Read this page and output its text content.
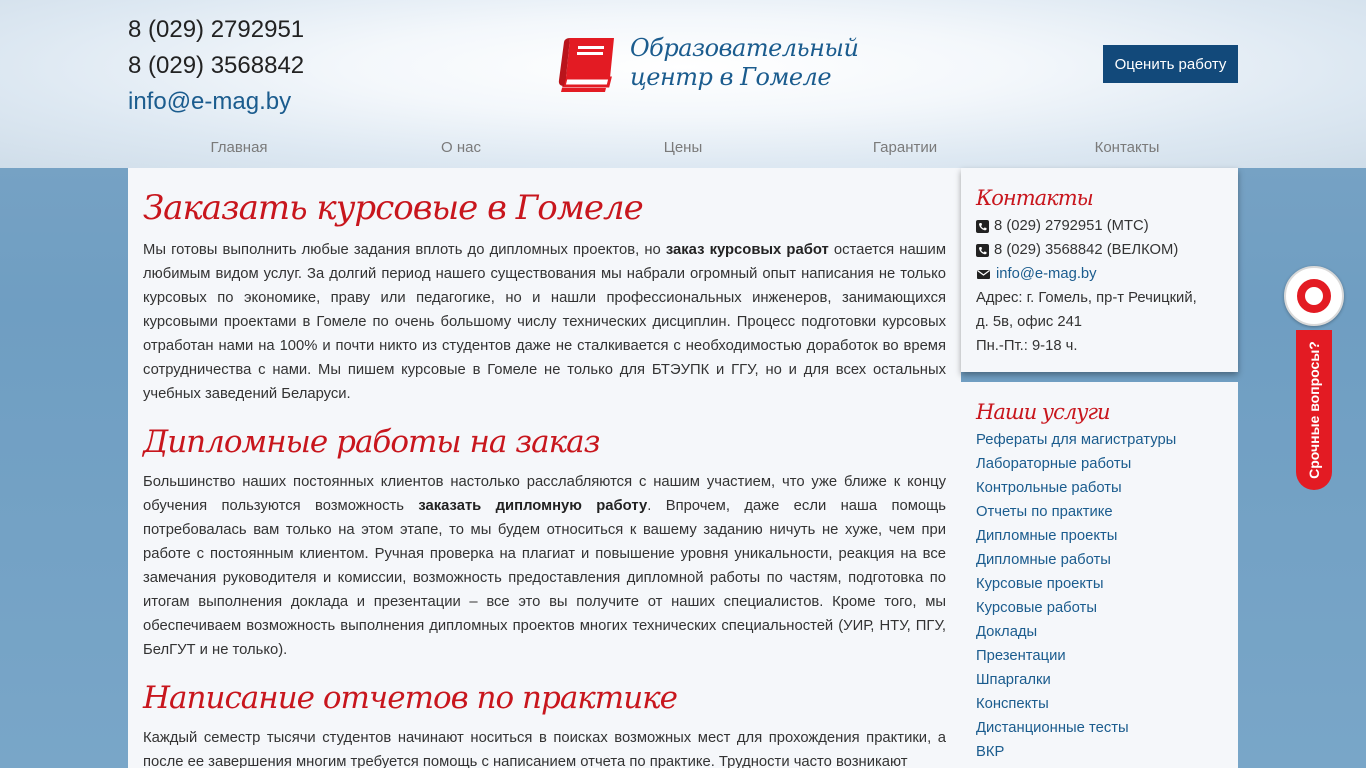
8 (029) 2792951
8 (029) 3568842
info@e-mag.by
Образовательный
центр в Гомеле	Оценить работу
Главная	О нас	Цены	Гарантии	Контакты
Заказать курсовые в Гомеле

Мы готовы выполнить любые задания вплоть до дипломных проектов, но заказ курсовых работ остается нашим любимым видом услуг. За долгий период нашего существования мы набрали огромный опыт написания не только курсовых по экономике, праву или педагогике, но и нашли профессиональных инженеров, занимающихся курсовыми проектами в Гомеле по очень большому числу технических дисциплин. Процесс подготовки курсовых отработан нами на 100% и почти никто из студентов даже не сталкивается с необходимостью доработок во время сотрудничества с нами. Мы пишем курсовые в Гомеле не только для БТЭУПК и ГГУ, но и для всех остальных учебных заведений Беларуси.

Дипломные работы на заказ

Большинство наших постоянных клиентов настолько расслабляются с нашим участием, что уже ближе к концу обучения пользуются возможность заказать дипломную работу. Впрочем, даже если наша помощь потребовалась вам только на этом этапе, то мы будем относиться к вашему заданию ничуть не хуже, чем при работе с постоянным клиентом. Ручная проверка на плагиат и повышение уровня уникальности, реакция на все замечания руководителя и комиссии, возможность предоставления дипломной работы по частям, подготовка по итогам выполнения доклада и презентации – все это вы получите от наших специалистов. Кроме того, мы обеспечиваем возможность выполнения дипломных проектов многих технических специальностей (УИР, НТУ, ПГУ, БелГУТ и не только).

Написание отчетов по практике

Каждый семестр тысячи студентов начинают носиться в поисках возможных мест для прохождения практики, а после ее завершения многим требуется помощь с написанием отчета по практике. Трудности часто возникают

Контакты
8 (029) 2792951 (МТС)
8 (029) 3568842 (ВЕЛКОМ)
info@e-mag.by
Адрес: г. Гомель, пр-т Речицкий,
д. 5в, офис 241
Пн.-Пт.: 9-18 ч.
Наши услуги
Рефераты для магистратуры
Лабораторные работы
Контрольные работы
Отчеты по практике
Дипломные проекты
Дипломные работы
Курсовые проекты
Курсовые работы
Доклады
Презентации
Шпаргалки
Конспекты
Дистанционные тесты
ВКР
Срочные вопросы?
